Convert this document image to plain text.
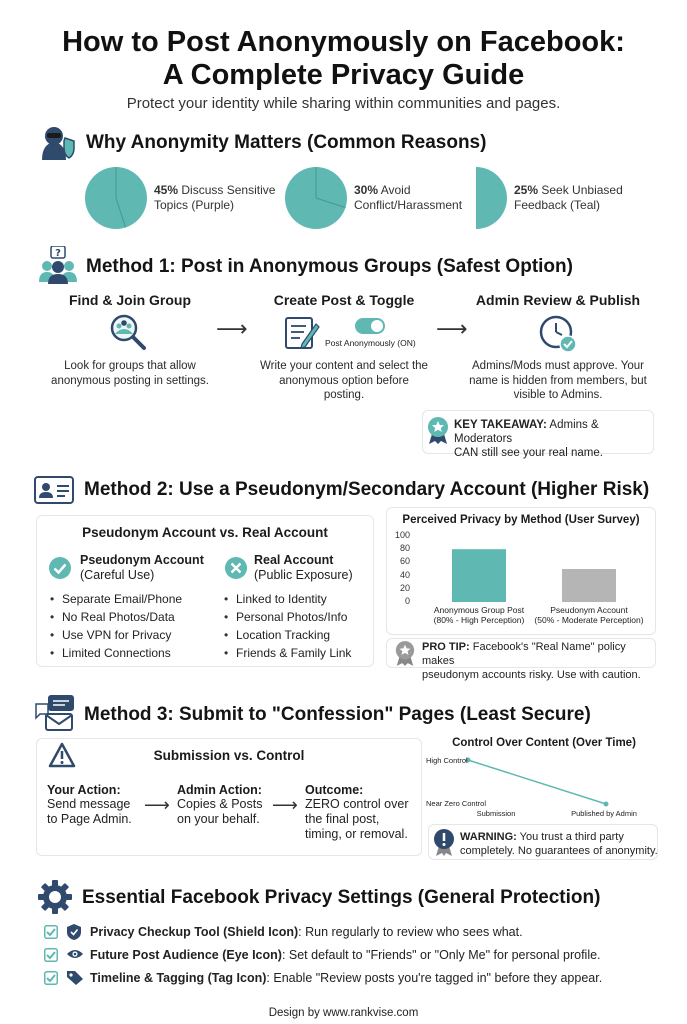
How to Post Anonymously on Facebook:
A Complete Privacy Guide
Protect your identity while sharing within communities and pages.
Why Anonymity Matters (Common Reasons)
45% Discuss Sensitive
Topics (Purple)
30% Avoid
Conflict/Harassment
25% Seek Unbiased
Feedback (Teal)
?
Method 1: Post in Anonymous Groups (Safest Option)
Find & Join Group
Look for groups that allow
anonymous posting in settings.
⟶
Create Post & Toggle
Post Anonymously (ON)
Write your content and select the
anonymous option before
posting.
⟶
Admin Review & Publish
Admins/Mods must approve. Your
name is hidden from members, but
visible to Admins.
KEY TAKEAWAY: Admins & Moderators
CAN still see your real name.
Method 2: Use a Pseudonym/Secondary Account (Higher Risk)
Pseudonym Account vs. Real Account
Pseudonym Account
(Careful Use)
• Separate Email/Phone
• No Real Photos/Data
• Use VPN for Privacy
• Limited Connections
Real Account
(Public Exposure)
• Linked to Identity
• Personal Photos/Info
• Location Tracking
• Friends & Family Link
Perceived Privacy by Method (User Survey)
100
80
60
40
20
0
Anonymous Group Post
(80% - High Perception)
Pseudonym Account
(50% - Moderate Perception)
PRO TIP: Facebook's "Real Name" policy makes
pseudonym accounts risky. Use with caution.
Method 3: Submit to "Confession" Pages (Least Secure)
Submission vs. Control
Your Action:
Send message
to Page Admin.
⟶
Admin Action:
Copies & Posts
on your behalf.
⟶
Outcome:
ZERO control over
the final post,
timing, or removal.
Control Over Content (Over Time)
High Control
Near Zero Control
Submission	Published by Admin
WARNING: You trust a third party
completely. No guarantees of anonymity.
Essential Facebook Privacy Settings (General Protection)
Privacy Checkup Tool (Shield Icon): Run regularly to review who sees what.
Future Post Audience (Eye Icon): Set default to "Friends" or "Only Me" for personal profile.
Timeline & Tagging (Tag Icon): Enable "Review posts you're tagged in" before they appear.
Design by www.rankvise.com
